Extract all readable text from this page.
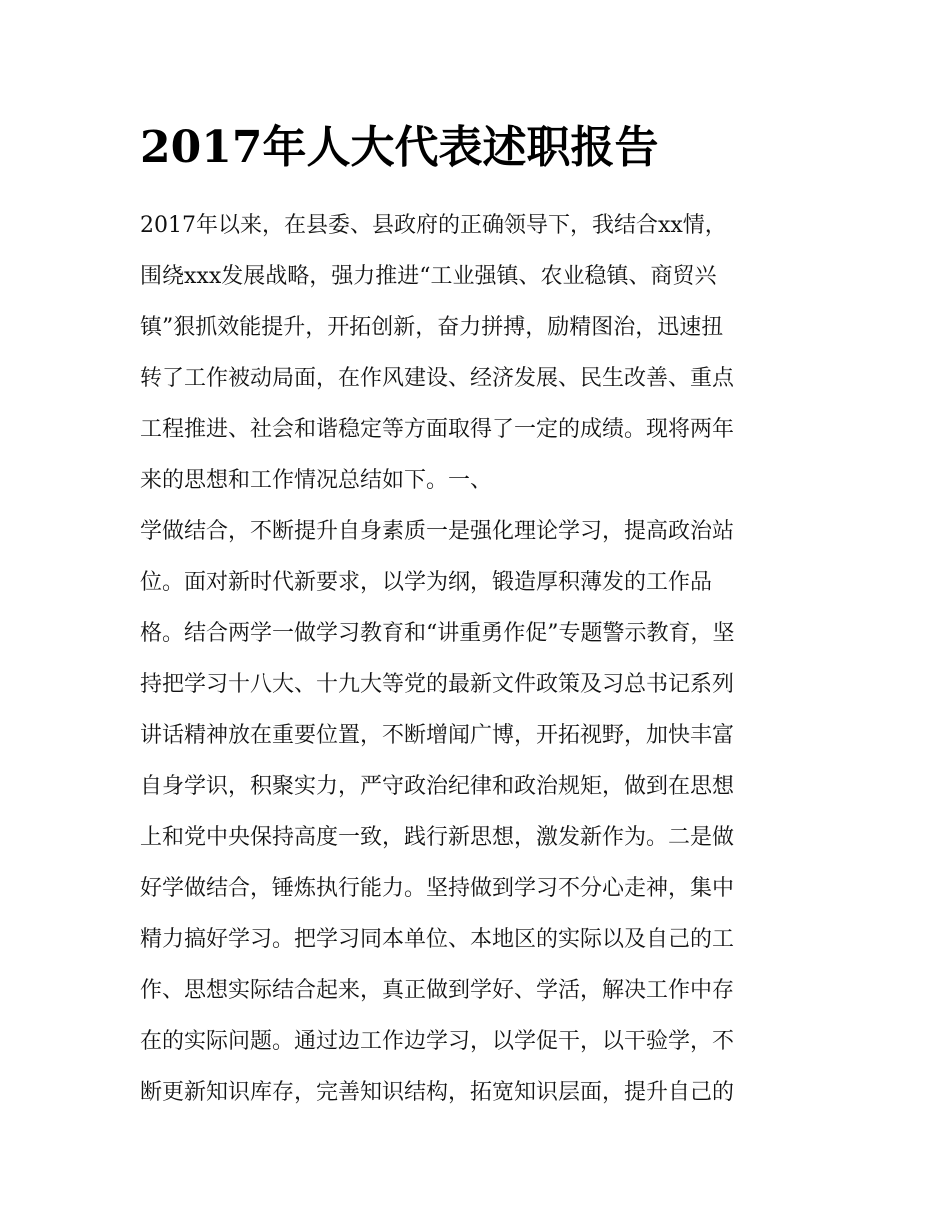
2017年人大代表述职报告
2017年以来，在县委、县政府的正确领导下，我结合xx情，
围绕xxx发展战略，强力推进“工业强镇、农业稳镇、商贸兴
镇”狠抓效能提升，开拓创新，奋力拼搏，励精图治，迅速扭
转了工作被动局面，在作风建设、经济发展、民生改善、重点
工程推进、社会和谐稳定等方面取得了一定的成绩。现将两年
来的思想和工作情况总结如下。一、
学做结合，不断提升自身素质一是强化理论学习，提高政治站
位。面对新时代新要求，以学为纲，锻造厚积薄发的工作品
格。结合两学一做学习教育和“讲重勇作促”专题警示教育，坚
持把学习十八大、十九大等党的最新文件政策及习总书记系列
讲话精神放在重要位置，不断增闻广博，开拓视野，加快丰富
自身学识，积聚实力，严守政治纪律和政治规矩，做到在思想
上和党中央保持高度一致，践行新思想，激发新作为。二是做
好学做结合，锤炼执行能力。坚持做到学习不分心走神，集中
精力搞好学习。把学习同本单位、本地区的实际以及自己的工
作、思想实际结合起来，真正做到学好、学活，解决工作中存
在的实际问题。通过边工作边学习，以学促干，以干验学，不
断更新知识库存，完善知识结构，拓宽知识层面，提升自己的
